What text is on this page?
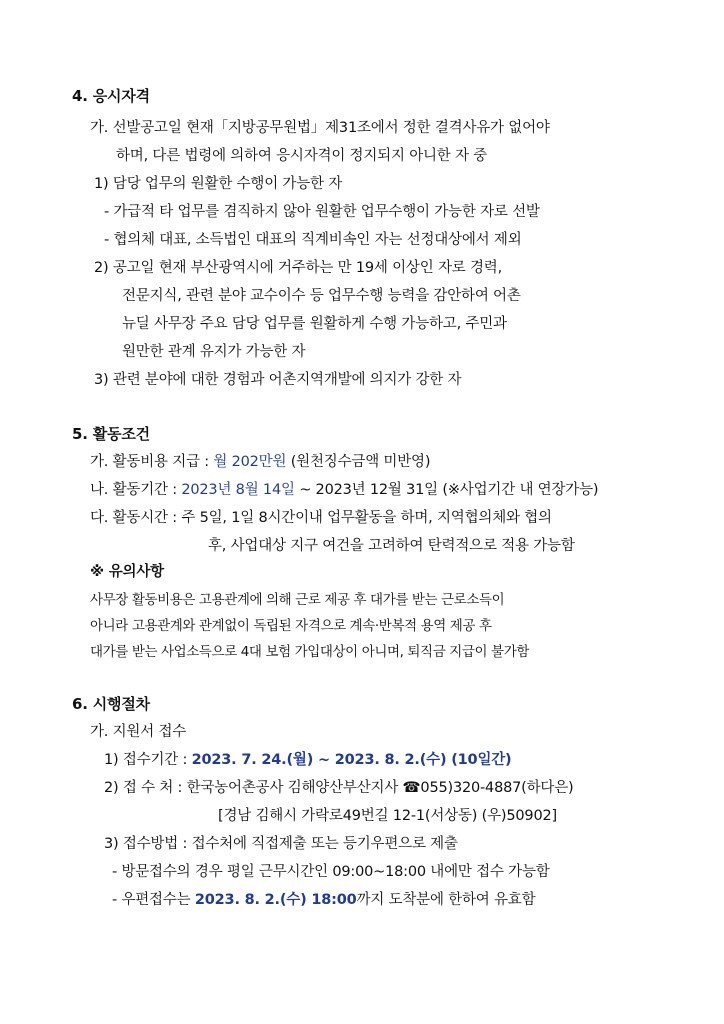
4. 응시자격
가. 선발공고일 현재「지방공무원법」제31조에서 정한 결격사유가 없어야
하며, 다른 법령에 의하여 응시자격이 정지되지 아니한 자 중
1) 담당 업무의 원활한 수행이 가능한 자
- 가급적 타 업무를 겸직하지 않아 원활한 업무수행이 가능한 자로 선발
- 협의체 대표, 소득법인 대표의 직계비속인 자는 선정대상에서 제외
2) 공고일 현재 부산광역시에 거주하는 만 19세 이상인 자로 경력,
전문지식, 관련 분야 교수이수 등 업무수행 능력을 감안하여 어촌
뉴딜 사무장 주요 담당 업무를 원활하게 수행 가능하고, 주민과
원만한 관계 유지가 가능한 자
3) 관련 분야에 대한 경험과 어촌지역개발에 의지가 강한 자
5. 활동조건
가. 활동비용 지급 : 월 202만원 (원천징수금액 미반영)
나. 활동기간 : 2023년 8월 14일 ~ 2023년 12월 31일 (※사업기간 내 연장가능)
다. 활동시간 : 주 5일, 1일 8시간이내 업무활동을 하며, 지역협의체와 협의
후, 사업대상 지구 여건을 고려하여 탄력적으로 적용 가능함
※ 유의사항
사무장 활동비용은 고용관계에 의해 근로 제공 후 대가를 받는 근로소득이
아니라 고용관계와 관계없이 독립된 자격으로 계속·반복적 용역 제공 후
대가를 받는 사업소득으로 4대 보험 가입대상이 아니며, 퇴직금 지급이 불가함
6. 시행절차
가. 지원서 접수
1) 접수기간 : 2023. 7. 24.(월) ~ 2023. 8. 2.(수) (10일간)
2) 접 수 처 : 한국농어촌공사 김해양산부산지사 ☎055)320-4887(하다은)
[경남 김해시 가락로49번길 12-1(서상동) (우)50902]
3) 접수방법 : 접수처에 직접제출 또는 등기우편으로 제출
- 방문접수의 경우 평일 근무시간인 09:00~18:00 내에만 접수 가능함
- 우편접수는 2023. 8. 2.(수) 18:00까지 도착분에 한하여 유효함
